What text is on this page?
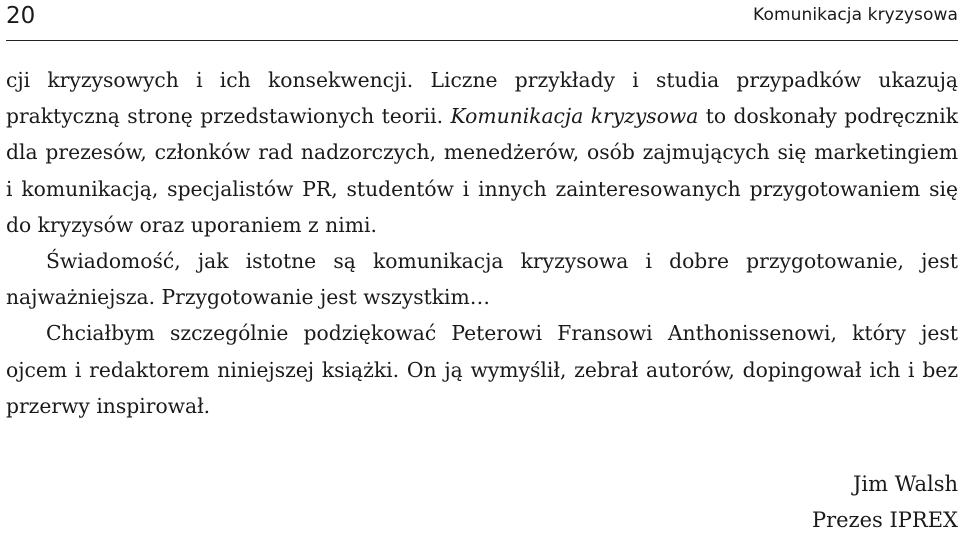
20	Komunikacja kryzysowa

cji kryzysowych i ich konsekwencji. Liczne przykłady i studia przypadków ukazują praktyczną stronę przedstawionych teorii. Komunikacja kryzysowa to doskonały podręcznik dla prezesów, członków rad nadzorczych, menedżerów, osób zajmujących się marketingiem i komunikacją, specjalistów PR, studentów i innych zainteresowanych przygotowaniem się do kryzysów oraz uporaniem z nimi.

Świadomość, jak istotne są komunikacja kryzysowa i dobre przygotowanie, jest najważniejsza. Przygotowanie jest wszystkim…

Chciałbym szczególnie podziękować Peterowi Fransowi Anthonissenowi, który jest ojcem i redaktorem niniejszej książki. On ją wymyślił, zebrał autorów, dopingował ich i bez przerwy inspirował.

Jim Walsh
Prezes IPREX
